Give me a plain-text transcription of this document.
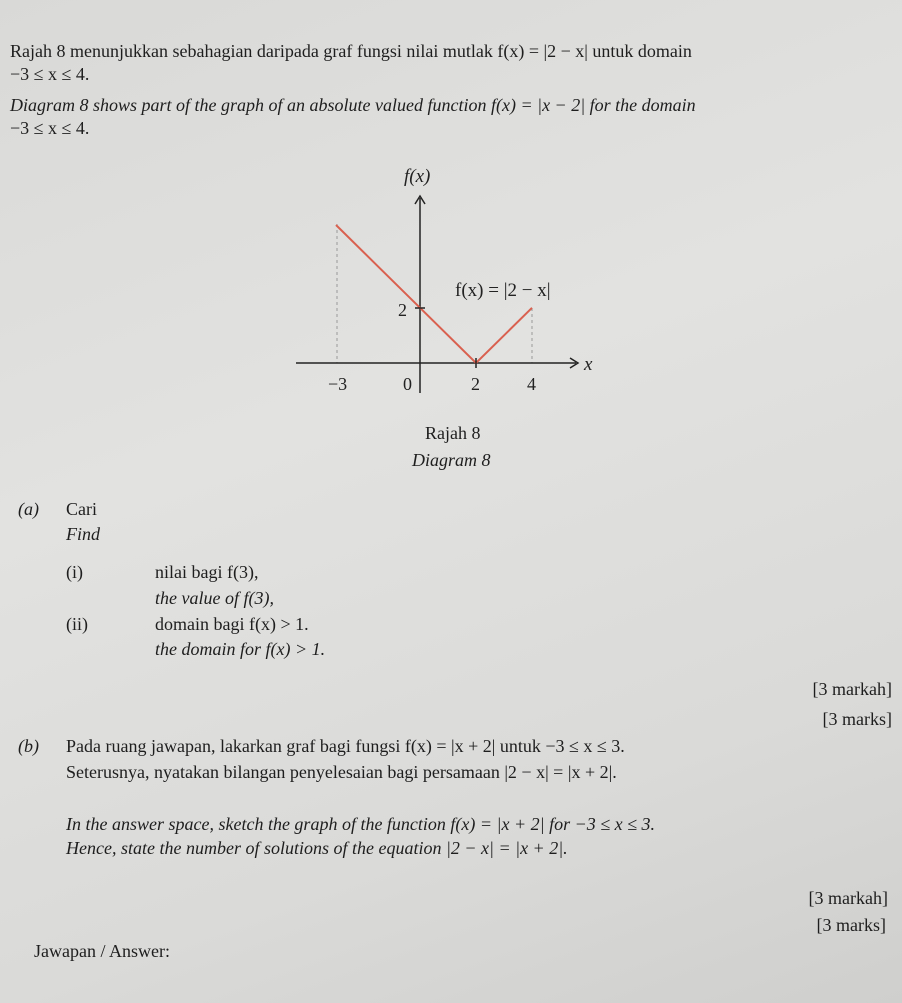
Rajah 8 menunjukkan sebahagian daripada graf fungsi nilai mutlak f(x) = |2 − x| untuk domain
−3 ≤ x ≤ 4.
Diagram 8 shows part of the graph of an absolute valued function f(x) = |x − 2| for the domain
−3 ≤ x ≤ 4.
f(x)
x
f(x) = |2 − x|
2
−3	0	2	4
Rajah 8
Diagram 8
(a) Cari
Find
(i)	nilai bagi f(3),
the value of f(3),
(ii)	domain bagi f(x) > 1.
the domain for f(x) > 1.
[3 markah]
[3 marks]
(b) Pada ruang jawapan, lakarkan graf bagi fungsi f(x) = |x + 2| untuk −3 ≤ x ≤ 3.
Seterusnya, nyatakan bilangan penyelesaian bagi persamaan |2 − x| = |x + 2|.
In the answer space, sketch the graph of the function f(x) = |x + 2| for −3 ≤ x ≤ 3.
Hence, state the number of solutions of the equation |2 − x| = |x + 2|.
[3 markah]
[3 marks]
Jawapan / Answer:
